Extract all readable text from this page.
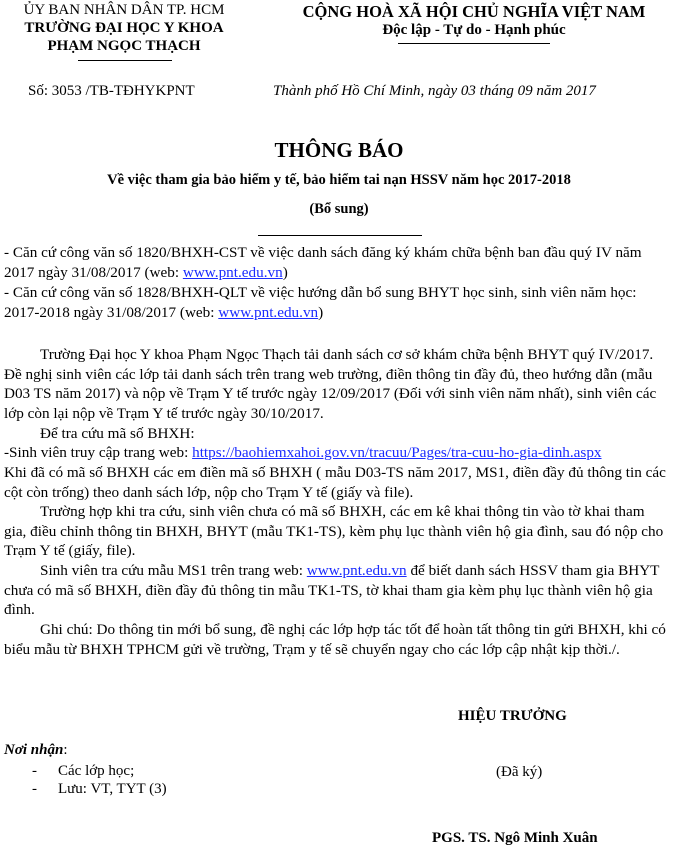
ỦY BAN NHÂN DÂN TP. HCM
TRƯỜNG ĐẠI HỌC Y KHOA
PHẠM NGỌC THẠCH
CỘNG HOÀ XÃ HỘI CHỦ NGHĨA VIỆT NAM
Độc lập - Tự do - Hạnh phúc
Số: 3053 /TB-TĐHYKPNT	Thành phố Hồ Chí Minh, ngày 03 tháng 09 năm 2017
THÔNG BÁO
Về việc tham gia bảo hiểm y tế, bảo hiểm tai nạn HSSV năm học 2017-2018
(Bổ sung)
- Căn cứ công văn số 1820/BHXH-CST về việc danh sách đăng ký khám chữa bệnh ban đầu quý IV năm 2017 ngày 31/08/2017 (web: www.pnt.edu.vn)
- Căn cứ công văn số 1828/BHXH-QLT về việc hướng dẫn bổ sung BHYT học sinh, sinh viên năm học: 2017-2018 ngày 31/08/2017 (web: www.pnt.edu.vn)
Trường Đại học Y khoa Phạm Ngọc Thạch tải danh sách cơ sở khám chữa bệnh BHYT quý IV/2017. Đề nghị sinh viên các lớp tải danh sách trên trang web trường, điền thông tin đầy đủ, theo hướng dẫn (mẫu D03 TS năm 2017) và nộp về Trạm Y tế trước ngày 12/09/2017 (Đối với sinh viên năm nhất), sinh viên các lớp còn lại nộp về Trạm Y tế trước ngày 30/10/2017.
Để tra cứu mã số BHXH:
-Sinh viên truy cập trang web: https://baohiemxahoi.gov.vn/tracuu/Pages/tra-cuu-ho-gia-dinh.aspx
Khi đã có mã số BHXH các em điền mã số BHXH ( mẫu D03-TS năm 2017, MS1, điền đầy đủ thông tin các cột còn trống) theo danh sách lớp, nộp cho Trạm Y tế (giấy và file).
Trường hợp khi tra cứu, sinh viên chưa có mã số BHXH, các em kê khai thông tin vào tờ khai tham gia, điều chỉnh thông tin BHXH, BHYT (mẫu TK1-TS), kèm phụ lục thành viên hộ gia đình, sau đó nộp cho Trạm Y tế (giấy, file).
Sinh viên tra cứu mẫu MS1 trên trang web: www.pnt.edu.vn để biết danh sách HSSV tham gia BHYT chưa có mã số BHXH, điền đầy đủ thông tin mẫu TK1-TS, tờ khai tham gia kèm phụ lục thành viên hộ gia đình.
Ghi chú: Do thông tin mới bổ sung, đề nghị các lớp hợp tác tốt để hoàn tất thông tin gửi BHXH, khi có biểu mẫu từ BHXH TPHCM gửi về trường, Trạm y tế sẽ chuyển ngay cho các lớp cập nhật kịp thời./.
HIỆU TRƯỞNG
(Đã ký)
PGS. TS. Ngô Minh Xuân
Nơi nhận:
- Các lớp học;
- Lưu: VT, TYT (3)
